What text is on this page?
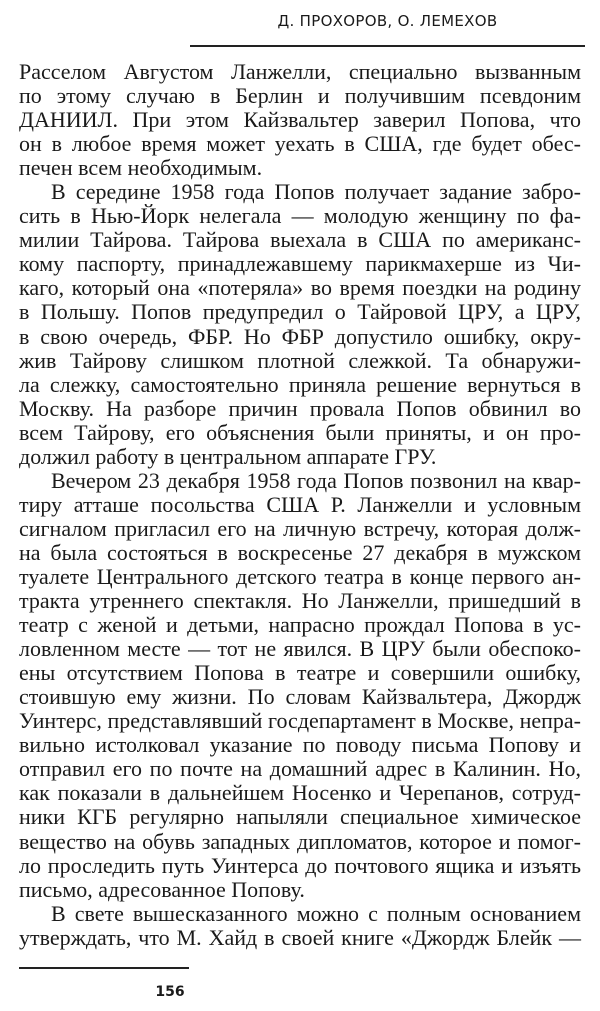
Д. ПРОХОРОВ, О. ЛЕМЕХОВ
Расселом Августом Ланжелли, специально вызванным
по этому случаю в Берлин и получившим псевдоним
ДАНИИЛ. При этом Кайзвальтер заверил Попова, что
он в любое время может уехать в США, где будет обес-
печен всем необходимым.
В середине 1958 года Попов получает задание забро-
сить в Нью-Йорк нелегала — молодую женщину по фа-
милии Тайрова. Тайрова выехала в США по американс-
кому паспорту, принадлежавшему парикмахерше из Чи-
каго, который она «потеряла» во время поездки на родину
в Польшу. Попов предупредил о Тайровой ЦРУ, а ЦРУ,
в свою очередь, ФБР. Но ФБР допустило ошибку, окру-
жив Тайрову слишком плотной слежкой. Та обнаружи-
ла слежку, самостоятельно приняла решение вернуться в
Москву. На разборе причин провала Попов обвинил во
всем Тайрову, его объяснения были приняты, и он про-
должил работу в центральном аппарате ГРУ.
Вечером 23 декабря 1958 года Попов позвонил на квар-
тиру атташе посольства США Р. Ланжелли и условным
сигналом пригласил его на личную встречу, которая долж-
на была состояться в воскресенье 27 декабря в мужском
туалете Центрального детского театра в конце первого ан-
тракта утреннего спектакля. Но Ланжелли, пришедший в
театр с женой и детьми, напрасно прождал Попова в ус-
ловленном месте — тот не явился. В ЦРУ были обеспоко-
ены отсутствием Попова в театре и совершили ошибку,
стоившую ему жизни. По словам Кайзвальтера, Джордж
Уинтерс, представлявший госдепартамент в Москве, непра-
вильно истолковал указание по поводу письма Попову и
отправил его по почте на домашний адрес в Калинин. Но,
как показали в дальнейшем Носенко и Черепанов, сотруд-
ники КГБ регулярно напыляли специальное химическое
вещество на обувь западных дипломатов, которое и помог-
ло проследить путь Уинтерса до почтового ящика и изъять
письмо, адресованное Попову.
В свете вышесказанного можно с полным основанием
утверждать, что М. Хайд в своей книге «Джордж Блейк —
156
